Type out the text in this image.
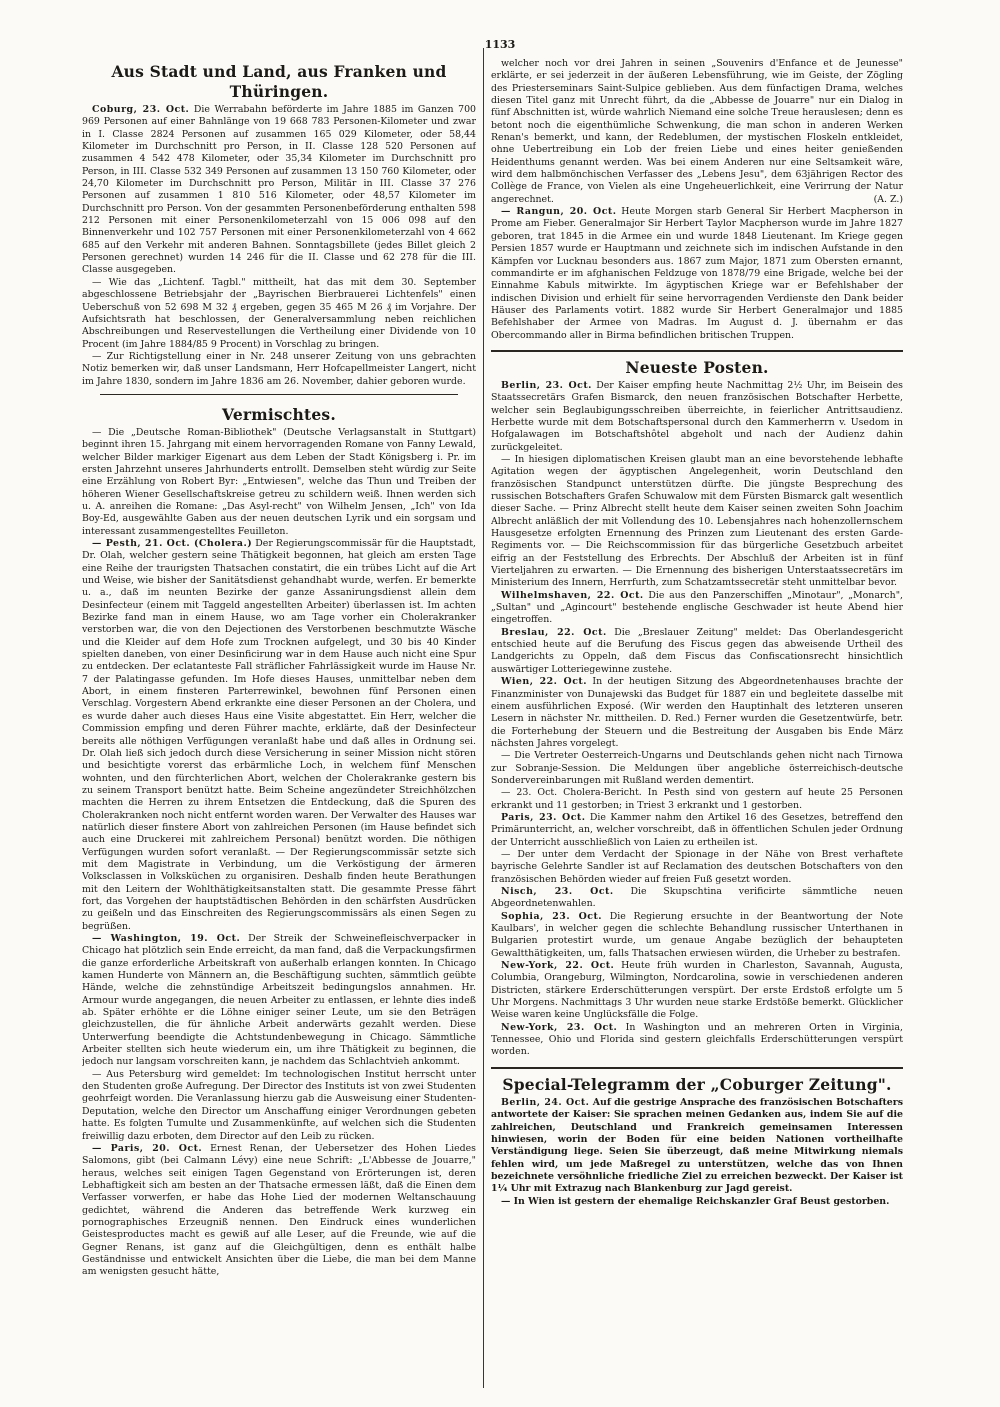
1133
Aus Stadt und Land, aus Franken und Thüringen.

Coburg, 23. Oct. Die Werrabahn beförderte im Jahre 1885 im Ganzen 700 969 Personen auf einer Bahnlänge von 19 668 783 Personen-Kilometer und zwar in I. Classe 2824 Personen auf zusammen 165 029 Kilometer, oder 58,44 Kilometer im Durchschnitt pro Person, in II. Classe 128 520 Personen auf zusammen 4 542 478 Kilometer, oder 35,34 Kilometer im Durchschnitt pro Person, in III. Classe 532 349 Personen auf zusammen 13 150 760 Kilometer, oder 24,70 Kilometer im Durchschnitt pro Person, Militär in III. Classe 37 276 Personen auf zusammen 1 810 516 Kilometer, oder 48,57 Kilometer im Durchschnitt pro Person. Von der gesammten Personenbeförderung enthalten 598 212 Personen mit einer Personenkilometerzahl von 15 006 098 auf den Binnenverkehr und 102 757 Personen mit einer Personenkilometerzahl von 4 662 685 auf den Verkehr mit anderen Bahnen. Sonntagsbillete (jedes Billet gleich 2 Personen gerechnet) wurden 14 246 für die II. Classe und 62 278 für die III. Classe ausgegeben.

— Wie das „Lichtenf. Tagbl." mittheilt, hat das mit dem 30. September abgeschlossene Betriebsjahr der „Bayrischen Bierbrauerei Lichtenfels" einen Ueberschuß von 52 698 M 32 ₰ ergeben, gegen 35 465 M 26 ₰ im Vorjahre. Der Aufsichtsrath hat beschlossen, der Generalversammlung neben reichlichen Abschreibungen und Reservestellungen die Vertheilung einer Dividende von 10 Procent (im Jahre 1884/85 9 Procent) in Vorschlag zu bringen.

— Zur Richtigstellung einer in Nr. 248 unserer Zeitung von uns gebrachten Notiz bemerken wir, daß unser Landsmann, Herr Hofcapellmeister Langert, nicht im Jahre 1830, sondern im Jahre 1836 am 26. November, dahier geboren wurde.

Vermischtes.

— Die „Deutsche Roman-Bibliothek" (Deutsche Verlagsanstalt in Stuttgart) beginnt ihren 15. Jahrgang mit einem hervorragenden Romane von Fanny Lewald, welcher Bilder markiger Eigenart aus dem Leben der Stadt Königsberg i. Pr. im ersten Jahrzehnt unseres Jahrhunderts entrollt. Demselben steht würdig zur Seite eine Erzählung von Robert Byr: „Entwiesen", welche das Thun und Treiben der höheren Wiener Gesellschaftskreise getreu zu schildern weiß. Ihnen werden sich u. A. anreihen die Romane: „Das Asyl-recht" von Wilhelm Jensen, „Ich" von Ida Boy-Ed, ausgewählte Gaben aus der neuen deutschen Lyrik und ein sorgsam und interessant zusammengestelltes Feuilleton.

— Pesth, 21. Oct. (Cholera.) Der Regierungscommissär für die Hauptstadt, Dr. Olah, welcher gestern seine Thätigkeit begonnen, hat gleich am ersten Tage eine Reihe der traurigsten Thatsachen constatirt, die ein trübes Licht auf die Art und Weise, wie bisher der Sanitätsdienst gehandhabt wurde, werfen. Er bemerkte u. a., daß im neunten Bezirke der ganze Assanirungsdienst allein dem Desinfecteur (einem mit Taggeld angestellten Arbeiter) überlassen ist. Im achten Bezirke fand man in einem Hause, wo am Tage vorher ein Cholerakranker verstorben war, die von den Dejectionen des Verstorbenen beschmutzte Wäsche und die Kleider auf dem Hofe zum Trocknen aufgelegt, und 30 bis 40 Kinder spielten daneben, von einer Desinficirung war in dem Hause auch nicht eine Spur zu entdecken. Der eclatanteste Fall sträflicher Fahrlässigkeit wurde im Hause Nr. 7 der Palatingasse gefunden. Im Hofe dieses Hauses, unmittelbar neben dem Abort, in einem finsteren Parterrewinkel, bewohnen fünf Personen einen Verschlag. Vorgestern Abend erkrankte eine dieser Personen an der Cholera, und es wurde daher auch dieses Haus eine Visite abgestattet. Ein Herr, welcher die Commission empfing und deren Führer machte, erklärte, daß der Desinfecteur bereits alle nöthigen Verfügungen veranlaßt habe und daß alles in Ordnung sei. Dr. Olah ließ sich jedoch durch diese Versicherung in seiner Mission nicht stören und besichtigte vorerst das erbärmliche Loch, in welchem fünf Menschen wohnten, und den fürchterlichen Abort, welchen der Cholerakranke gestern bis zu seinem Transport benützt hatte. Beim Scheine angezündeter Streichhölzchen machten die Herren zu ihrem Entsetzen die Entdeckung, daß die Spuren des Cholerakranken noch nicht entfernt worden waren. Der Verwalter des Hauses war natürlich dieser finstere Abort von zahlreichen Personen (im Hause befindet sich auch eine Druckerei mit zahlreichem Personal) benützt worden. Die nöthigen Verfügungen wurden sofort veranlaßt. — Der Regierungscommissär setzte sich mit dem Magistrate in Verbindung, um die Verköstigung der ärmeren Volksclassen in Volksküchen zu organisiren. Deshalb finden heute Berathungen mit den Leitern der Wohlthätigkeitsanstalten statt. Die gesammte Presse fährt fort, das Vorgehen der hauptstädtischen Behörden in den schärfsten Ausdrücken zu geißeln und das Einschreiten des Regierungscommissärs als einen Segen zu begrüßen.

— Washington, 19. Oct. Der Streik der Schweinefleischverpacker in Chicago hat plötzlich sein Ende erreicht, da man fand, daß die Verpackungsfirmen die ganze erforderliche Arbeitskraft von außerhalb erlangen konnten. In Chicago kamen Hunderte von Männern an, die Beschäftigung suchten, sämmtlich geübte Hände, welche die zehnstündige Arbeitszeit bedingungslos annahmen. Hr. Armour wurde angegangen, die neuen Arbeiter zu entlassen, er lehnte dies indeß ab. Später erhöhte er die Löhne einiger seiner Leute, um sie den Beträgen gleichzustellen, die für ähnliche Arbeit anderwärts gezahlt werden. Diese Unterwerfung beendigte die Achtstundenbewegung in Chicago. Sämmtliche Arbeiter stellten sich heute wiederum ein, um ihre Thätigkeit zu beginnen, die jedoch nur langsam vorschreiten kann, je nachdem das Schlachtvieh ankommt.

— Aus Petersburg wird gemeldet: Im technologischen Institut herrscht unter den Studenten große Aufregung. Der Director des Instituts ist von zwei Studenten geohrfeigt worden. Die Veranlassung hierzu gab die Ausweisung einer Studenten-Deputation, welche den Director um Anschaffung einiger Verordnungen gebeten hatte. Es folgten Tumulte und Zusammenkünfte, auf welchen sich die Studenten freiwillig dazu erboten, dem Director auf den Leib zu rücken.

— Paris, 20. Oct. Ernest Renan, der Uebersetzer des Hohen Liedes Salomons, gibt (bei Calmann Lévy) eine neue Schrift: „L'Abbesse de Jouarre," heraus, welches seit einigen Tagen Gegenstand von Erörterungen ist, deren Lebhaftigkeit sich am besten an der Thatsache ermessen läßt, daß die Einen dem Verfasser vorwerfen, er habe das Hohe Lied der modernen Weltanschauung gedichtet, während die Anderen das betreffende Werk kurzweg ein pornographisches Erzeugniß nennen. Den Eindruck eines wunderlichen Geistesproductes macht es gewiß auf alle Leser, auf die Freunde, wie auf die Gegner Renans, ist ganz auf die Gleichgültigen, denn es enthält halbe Geständnisse und entwickelt Ansichten über die Liebe, die man bei dem Manne am wenigsten gesucht hätte,

welcher noch vor drei Jahren in seinen „Souvenirs d'Enfance et de Jeunesse" erklärte, er sei jederzeit in der äußeren Lebensführung, wie im Geiste, der Zögling des Priesterseminars Saint-Sulpice geblieben. Aus dem fünfactigen Drama, welches diesen Titel ganz mit Unrecht führt, da die „Abbesse de Jouarre" nur ein Dialog in fünf Abschnitten ist, würde wahrlich Niemand eine solche Treue herauslesen; denn es betont noch die eigenthümliche Schwenkung, die man schon in anderen Werken Renan's bemerkt, und kann, der Redeblumen, der mystischen Floskeln entkleidet, ohne Uebertreibung ein Lob der freien Liebe und eines heiter genießenden Heidenthums genannt werden. Was bei einem Anderen nur eine Seltsamkeit wäre, wird dem halbmönchischen Verfasser des „Lebens Jesu", dem 63jährigen Rector des Collège de France, von Vielen als eine Ungeheuerlichkeit, eine Verirrung der Natur angerechnet.	(A. Z.)

— Rangun, 20. Oct. Heute Morgen starb General Sir Herbert Macpherson in Prome am Fieber. Generalmajor Sir Herbert Taylor Macpherson wurde im Jahre 1827 geboren, trat 1845 in die Armee ein und wurde 1848 Lieutenant. Im Kriege gegen Persien 1857 wurde er Hauptmann und zeichnete sich im indischen Aufstande in den Kämpfen vor Lucknau besonders aus. 1867 zum Major, 1871 zum Obersten ernannt, commandirte er im afghanischen Feldzuge von 1878/79 eine Brigade, welche bei der Einnahme Kabuls mitwirkte. Im ägyptischen Kriege war er Befehlshaber der indischen Division und erhielt für seine hervorragenden Verdienste den Dank beider Häuser des Parlaments votirt. 1882 wurde Sir Herbert Generalmajor und 1885 Befehlshaber der Armee von Madras. Im August d. J. übernahm er das Obercommando aller in Birma befindlichen britischen Truppen.

Neueste Posten.

Berlin, 23. Oct. Der Kaiser empfing heute Nachmittag 2½ Uhr, im Beisein des Staatssecretärs Grafen Bismarck, den neuen französischen Botschafter Herbette, welcher sein Beglaubigungsschreiben überreichte, in feierlicher Antrittsaudienz. Herbette wurde mit dem Botschaftspersonal durch den Kammerherrn v. Usedom in Hofgalawagen im Botschaftshôtel abgeholt und nach der Audienz dahin zurückgeleitet.

— In hiesigen diplomatischen Kreisen glaubt man an eine bevorstehende lebhafte Agitation wegen der ägyptischen Angelegenheit, worin Deutschland den französischen Standpunct unterstützen dürfte. Die jüngste Besprechung des russischen Botschafters Grafen Schuwalow mit dem Fürsten Bismarck galt wesentlich dieser Sache. — Prinz Albrecht stellt heute dem Kaiser seinen zweiten Sohn Joachim Albrecht anläßlich der mit Vollendung des 10. Lebensjahres nach hohenzollernschem Hausgesetze erfolgten Ernennung des Prinzen zum Lieutenant des ersten Garde-Regiments vor. — Die Reichscommission für das bürgerliche Gesetzbuch arbeitet eifrig an der Feststellung des Erbrechts. Der Abschluß der Arbeiten ist in fünf Vierteljahren zu erwarten. — Die Ernennung des bisherigen Unterstaatssecretärs im Ministerium des Innern, Herrfurth, zum Schatzamtssecretär steht unmittelbar bevor.

Wilhelmshaven, 22. Oct. Die aus den Panzerschiffen „Minotaur", „Monarch", „Sultan" und „Agincourt" bestehende englische Geschwader ist heute Abend hier eingetroffen.

Breslau, 22. Oct. Die „Breslauer Zeitung" meldet: Das Oberlandesgericht entschied heute auf die Berufung des Fiscus gegen das abweisende Urtheil des Landgerichts zu Oppeln, daß dem Fiscus das Confiscationsrecht hinsichtlich auswärtiger Lotteriegewinne zustehe.

Wien, 22. Oct. In der heutigen Sitzung des Abgeordnetenhauses brachte der Finanzminister von Dunajewski das Budget für 1887 ein und begleitete dasselbe mit einem ausführlichen Exposé. (Wir werden den Hauptinhalt des letzteren unseren Lesern in nächster Nr. mittheilen. D. Red.) Ferner wurden die Gesetzentwürfe, betr. die Forterhebung der Steuern und die Bestreitung der Ausgaben bis Ende März nächsten Jahres vorgelegt.

— Die Vertreter Oesterreich-Ungarns und Deutschlands gehen nicht nach Tirnowa zur Sobranje-Session. Die Meldungen über angebliche österreichisch-deutsche Sondervereinbarungen mit Rußland werden dementirt.

— 23. Oct. Cholera-Bericht. In Pesth sind von gestern auf heute 25 Personen erkrankt und 11 gestorben; in Triest 3 erkrankt und 1 gestorben.

Paris, 23. Oct. Die Kammer nahm den Artikel 16 des Gesetzes, betreffend den Primärunterricht, an, welcher vorschreibt, daß in öffentlichen Schulen jeder Ordnung der Unterricht ausschließlich von Laien zu ertheilen ist.

— Der unter dem Verdacht der Spionage in der Nähe von Brest verhaftete bayrische Gelehrte Sandler ist auf Reclamation des deutschen Botschafters von den französischen Behörden wieder auf freien Fuß gesetzt worden.

Nisch, 23. Oct. Die Skupschtina verificirte sämmtliche neuen Abgeordnetenwahlen.

Sophia, 23. Oct. Die Regierung ersuchte in der Beantwortung der Note Kaulbars', in welcher gegen die schlechte Behandlung russischer Unterthanen in Bulgarien protestirt wurde, um genaue Angabe bezüglich der behaupteten Gewaltthätigkeiten, um, falls Thatsachen erwiesen würden, die Urheber zu bestrafen.

New-York, 22. Oct. Heute früh wurden in Charleston, Savannah, Augusta, Columbia, Orangeburg, Wilmington, Nordcarolina, sowie in verschiedenen anderen Districten, stärkere Erderschütterungen verspürt. Der erste Erdstoß erfolgte um 5 Uhr Morgens. Nachmittags 3 Uhr wurden neue starke Erdstöße bemerkt. Glücklicher Weise waren keine Unglücksfälle die Folge.

New-York, 23. Oct. In Washington und an mehreren Orten in Virginia, Tennessee, Ohio und Florida sind gestern gleichfalls Erderschütterungen verspürt worden.

Special-Telegramm der „Coburger Zeitung".

Berlin, 24. Oct. Auf die gestrige Ansprache des französischen Botschafters antwortete der Kaiser: Sie sprachen meinen Gedanken aus, indem Sie auf die zahlreichen, Deutschland und Frankreich gemeinsamen Interessen hinwiesen, worin der Boden für eine beiden Nationen vortheilhafte Verständigung liege. Seien Sie überzeugt, daß meine Mitwirkung niemals fehlen wird, um jede Maßregel zu unterstützen, welche das von Ihnen bezeichnete versöhnliche friedliche Ziel zu erreichen bezweckt. Der Kaiser ist 1¼ Uhr mit Extrazug nach Blankenburg zur Jagd gereist.

— In Wien ist gestern der ehemalige Reichskanzler Graf Beust gestorben.
